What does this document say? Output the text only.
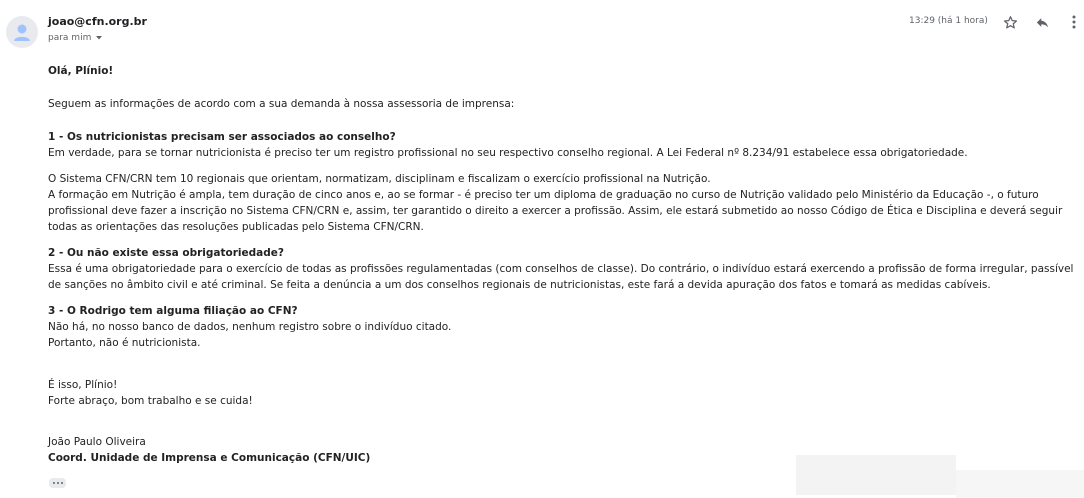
joao@cfn.org.br
para mim
13:29 (há 1 hora)

Olá, Plínio!

Seguem as informações de acordo com a sua demanda à nossa assessoria de imprensa:

1 - Os nutricionistas precisam ser associados ao conselho?

Em verdade, para se tornar nutricionista é preciso ter um registro profissional no seu respectivo conselho regional. A Lei Federal nº 8.234/91 estabelece essa obrigatoriedade.

O Sistema CFN/CRN tem 10 regionais que orientam, normatizam, disciplinam e fiscalizam o exercício profissional na Nutrição.

A formação em Nutrição é ampla, tem duração de cinco anos e, ao se formar - é preciso ter um diploma de graduação no curso de Nutrição validado pelo Ministério da Educação -, o futuro profissional deve fazer a inscrição no Sistema CFN/CRN e, assim, ter garantido o direito a exercer a profissão. Assim, ele estará submetido ao nosso Código de Ética e Disciplina e deverá seguir todas as orientações das resoluções publicadas pelo Sistema CFN/CRN.

2 - Ou não existe essa obrigatoriedade?

Essa é uma obrigatoriedade para o exercício de todas as profissões regulamentadas (com conselhos de classe). Do contrário, o indivíduo estará exercendo a profissão de forma irregular, passível de sanções no âmbito civil e até criminal. Se feita a denúncia a um dos conselhos regionais de nutricionistas, este fará a devida apuração dos fatos e tomará as medidas cabíveis.

3 - O Rodrigo tem alguma filiação ao CFN?

Não há, no nosso banco de dados, nenhum registro sobre o indivíduo citado.

Portanto, não é nutricionista.

É isso, Plínio!

Forte abraço, bom trabalho e se cuida!

João Paulo Oliveira

Coord. Unidade de Imprensa e Comunicação (CFN/UIC)
